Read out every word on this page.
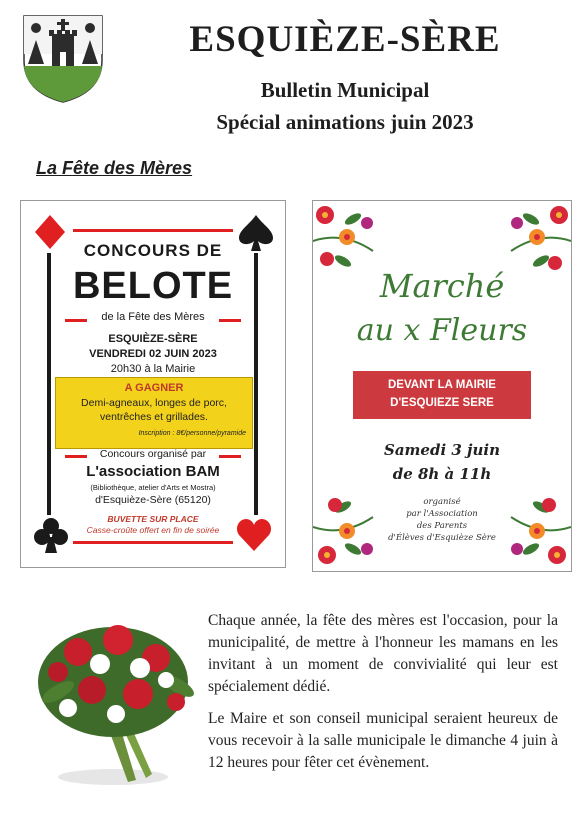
ESQUIÈZE-SÈRE
Bulletin Municipal
Spécial animations juin 2023
La Fête des Mères
CONCOURS DE
BELOTE
de la Fête des Mères
ESQUIÈZE-SÈRE
VENDREDI 02 JUIN 2023
20h30 à la Mairie
A GAGNER
Demi-agneaux, longes de porc,
ventrêches et grillades.
Inscription : 8€/personne/pyramide
Concours organisé par
L'association BAM
(Bibliothèque, atelier d'Arts et Mostra)
d'Esquièze-Sère (65120)
BUVETTE SUR PLACE
Casse-croûte offert en fin de soirée
Marché
au x Fleurs
DEVANT LA MAIRIE
D'ESQUIEZE SERE
Samedi 3 juin
de 8h à 11h
organisé
par l'Association
des Parents
d'Élèves d'Esquièze Sère
Chaque année, la fête des mères est l'occasion, pour la municipalité, de mettre à l'honneur les mamans en les invitant à un moment de convivialité qui leur est spécialement dédié.
Le Maire et son conseil municipal seraient heureux de vous recevoir à la salle municipale le dimanche 4 juin à 12 heures pour fêter cet évènement.
